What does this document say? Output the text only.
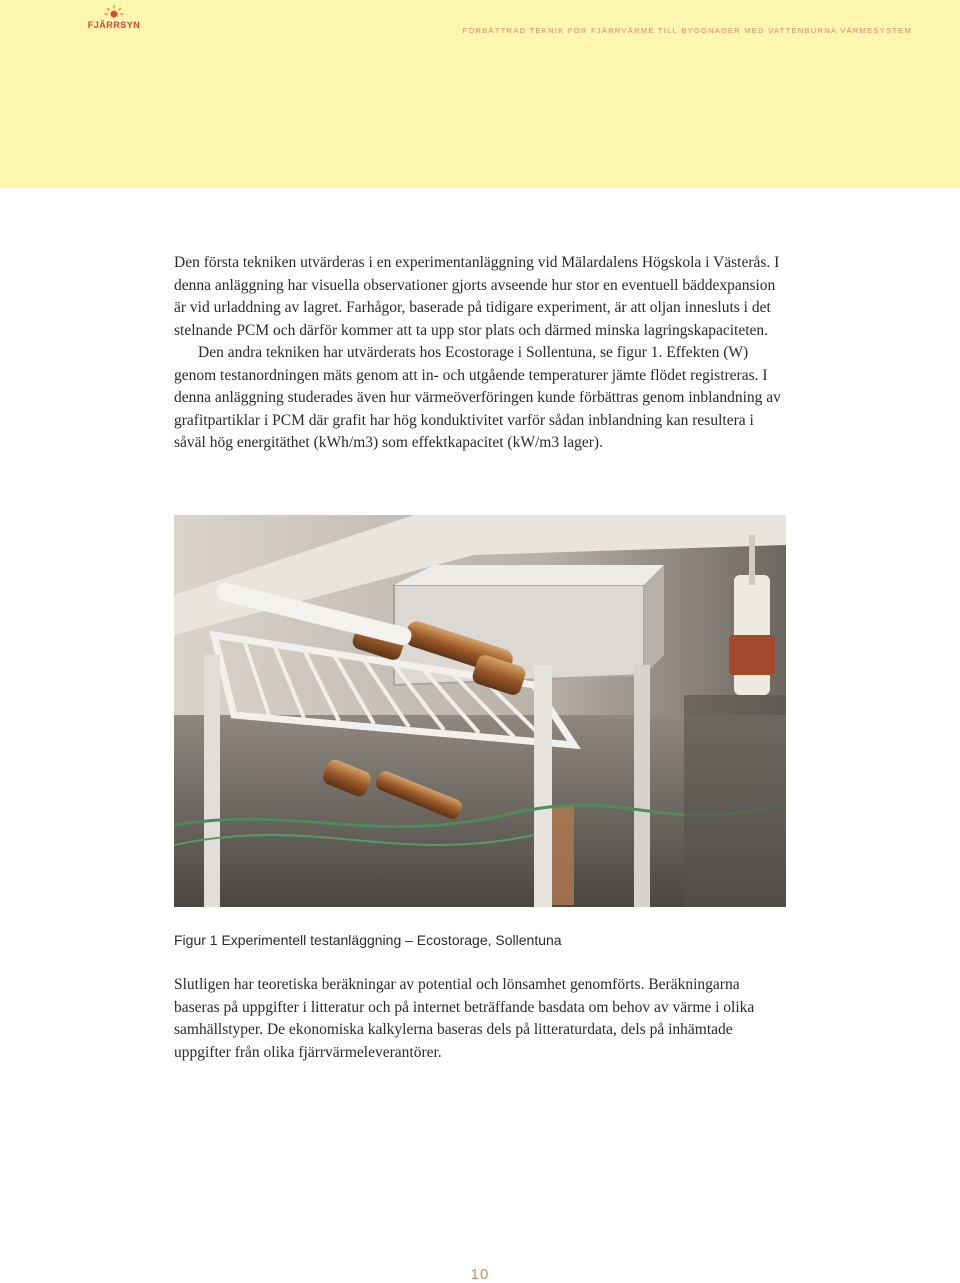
FJÄRRSYN
FÖRBÄTTRAD TEKNIK FÖR FJÄRRVÄRME TILL BYGGNADER MED VATTENBURNA VÄRMESYSTEM

Den första tekniken utvärderas i en experimentanläggning vid Mälardalens Högskola i Västerås. I denna anläggning har visuella observationer gjorts avseende hur stor en eventuell bäddexpansion är vid urladdning av lagret. Farhågor, baserade på tidigare experiment, är att oljan innesluts i det stelnande PCM och därför kommer att ta upp stor plats och därmed minska lagringskapaciteten.

Den andra tekniken har utvärderats hos Ecostorage i Sollentuna, se figur 1. Effekten (W) genom testanordningen mäts genom att in- och utgående temperaturer jämte flödet registreras. I denna anläggning studerades även hur värmeöverföringen kunde förbättras genom inblandning av grafitpartiklar i PCM där grafit har hög konduktivitet varför sådan inblandning kan resultera i såväl hög energitäthet (kWh/m3) som effektkapacitet (kW/m3 lager).

Figur 1 Experimentell testanläggning – Ecostorage, Sollentuna

Slutligen har teoretiska beräkningar av potential och lönsamhet genomförts. Beräkningarna baseras på uppgifter i litteratur och på internet beträffande basdata om behov av värme i olika samhällstyper. De ekonomiska kalkylerna baseras dels på litteraturdata, dels på inhämtade uppgifter från olika fjärrvärmeleverantörer.

10
